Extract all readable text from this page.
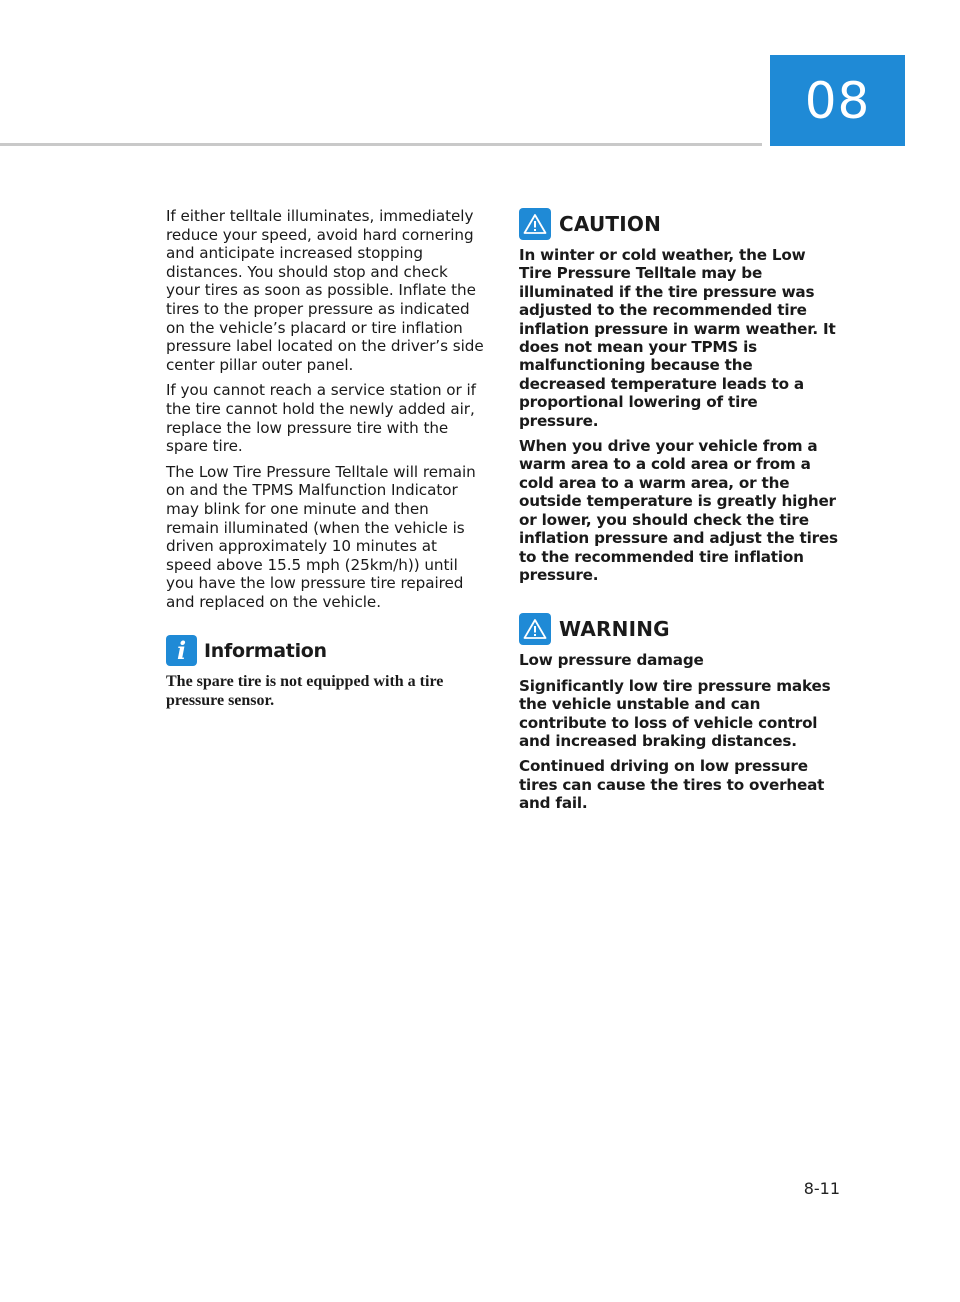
08

If either telltale illuminates, immediately reduce your speed, avoid hard cornering and anticipate increased stopping distances. You should stop and check your tires as soon as possible. Inflate the tires to the proper pressure as indicated on the vehicle’s placard or tire inflation pressure label located on the driver’s side center pillar outer panel.

If you cannot reach a service station or if the tire cannot hold the newly added air, replace the low pressure tire with the spare tire.

The Low Tire Pressure Telltale will remain on and the TPMS Malfunction Indicator may blink for one minute and then remain illuminated (when the vehicle is driven approximately 10 minutes at speed above 15.5 mph (25km/h)) until you have the low pressure tire repaired and replaced on the vehicle.

i Information

The spare tire is not equipped with a tire pressure sensor.

CAUTION

In winter or cold weather, the Low Tire Pressure Telltale may be illuminated if the tire pressure was adjusted to the recommended tire inflation pressure in warm weather. It does not mean your TPMS is malfunctioning because the decreased temperature leads to a proportional lowering of tire pressure.

When you drive your vehicle from a warm area to a cold area or from a cold area to a warm area, or the outside temperature is greatly higher or lower, you should check the tire inflation pressure and adjust the tires to the recommended tire inflation pressure.

WARNING

Low pressure damage

Significantly low tire pressure makes the vehicle unstable and can contribute to loss of vehicle control and increased braking distances.

Continued driving on low pressure tires can cause the tires to overheat and fail.

8-11
